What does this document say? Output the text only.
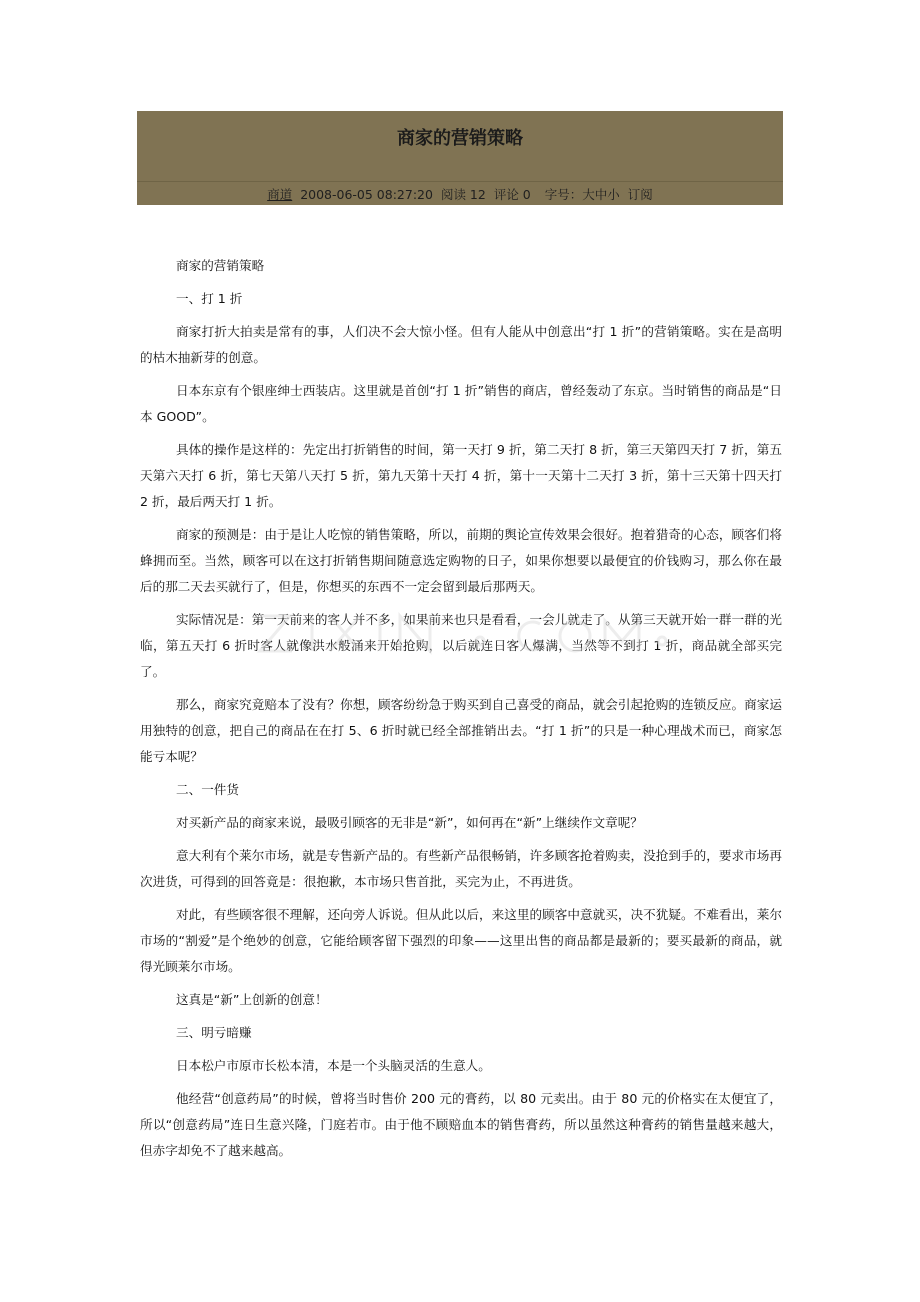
商家的营销策略
商道 2008-06-05 08:27:20 阅读 12 评论 0 字号：大中小 订阅

商家的营销策略

一、打 1 折

商家打折大拍卖是常有的事，人们决不会大惊小怪。但有人能从中创意出“打 1 折”的营销策略。实在是高明的枯木抽新芽的创意。

日本东京有个银座绅士西装店。这里就是首创“打 1 折”销售的商店，曾经轰动了东京。当时销售的商品是“日本 GOOD”。

具体的操作是这样的：先定出打折销售的时间，第一天打 9 折，第二天打 8 折，第三天第四天打 7 折，第五天第六天打 6 折，第七天第八天打 5 折，第九天第十天打 4 折，第十一天第十二天打 3 折，第十三天第十四天打 2 折，最后两天打 1 折。

商家的预测是：由于是让人吃惊的销售策略，所以，前期的舆论宣传效果会很好。抱着猎奇的心态，顾客们将蜂拥而至。当然，顾客可以在这打折销售期间随意选定购物的日子，如果你想要以最便宜的价钱购习，那么你在最后的那二天去买就行了，但是，你想买的东西不一定会留到最后那两天。

实际情况是：第一天前来的客人并不多，如果前来也只是看看，一会儿就走了。从第三天就开始一群一群的光临，第五天打 6 折时客人就像洪水般涌来开始抢购，以后就连日客人爆满，当然等不到打 1 折，商品就全部买完了。

那么，商家究竟赔本了没有？你想，顾客纷纷急于购买到自己喜受的商品，就会引起抢购的连锁反应。商家运用独特的创意，把自己的商品在在打 5、6 折时就已经全部推销出去。“打 1 折”的只是一种心理战术而已，商家怎能亏本呢？

二、一件货

对买新产品的商家来说，最吸引顾客的无非是“新”，如何再在“新”上继续作文章呢？

意大利有个莱尔市场，就是专售新产品的。有些新产品很畅销，许多顾客抢着购卖，没抢到手的，要求市场再次进货，可得到的回答竟是：很抱歉，本市场只售首批，买完为止，不再进货。

对此，有些顾客很不理解，还向旁人诉说。但从此以后，来这里的顾客中意就买，决不犹疑。不难看出，莱尔市场的“割爱”是个绝妙的创意，它能给顾客留下强烈的印象——这里出售的商品都是最新的；要买最新的商品，就得光顾莱尔市场。

这真是“新”上创新的创意！

三、明亏暗赚

日本松户市原市长松本清，本是一个头脑灵活的生意人。

他经营“创意药局”的时候，曾将当时售价 200 元的膏药，以 80 元卖出。由于 80 元的价格实在太便宜了，所以“创意药局”连日生意兴隆，门庭若市。由于他不顾赔血本的销售膏药，所以虽然这种膏药的销售量越来越大，但赤字却免不了越来越高。
